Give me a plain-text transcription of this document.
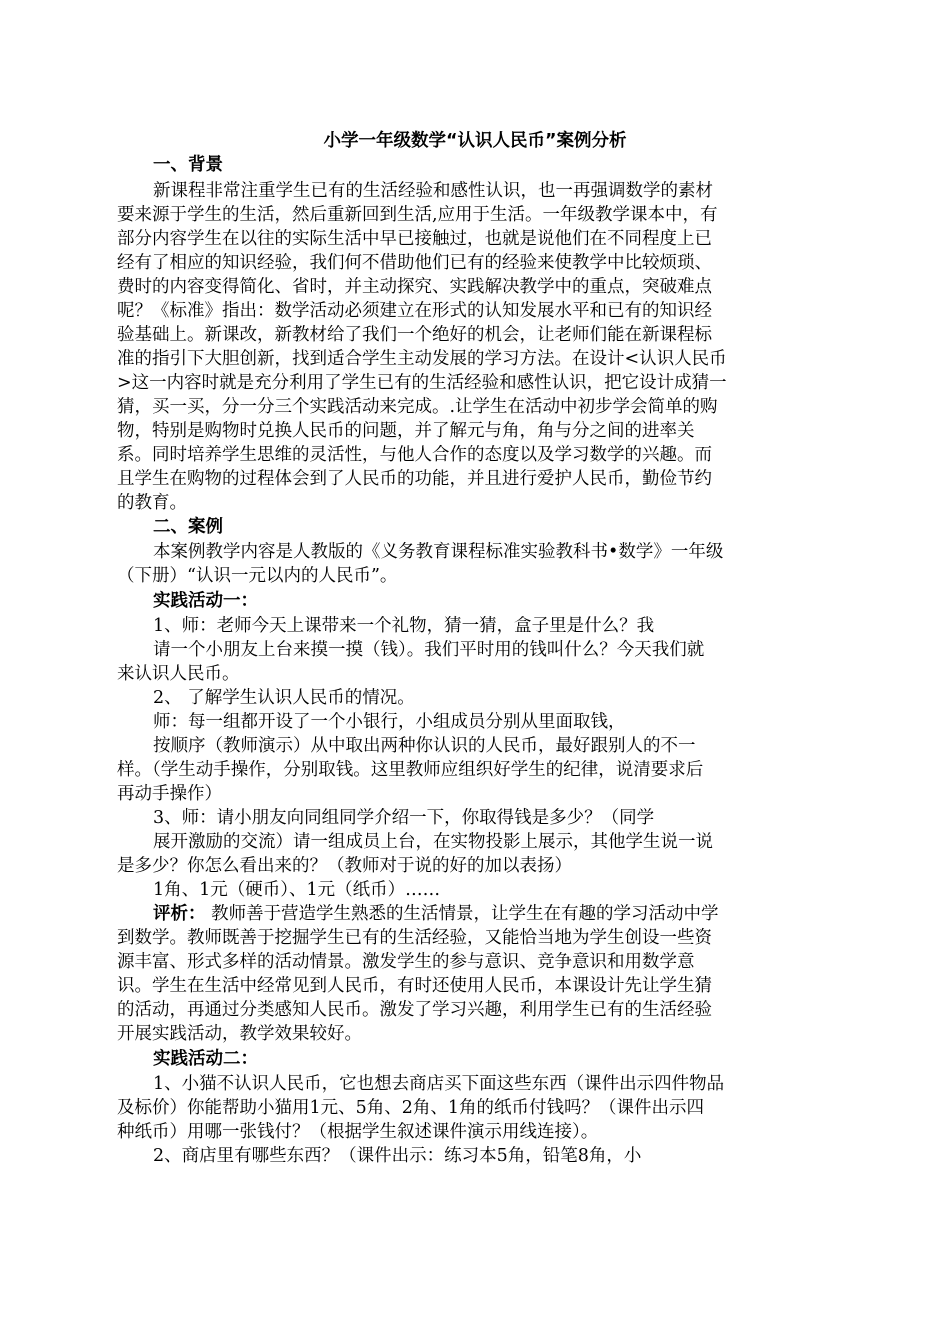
小学一年级数学“认识人民币”案例分析
一、背景
新课程非常注重学生已有的生活经验和感性认识，也一再强调数学的素材
要来源于学生的生活，然后重新回到生活,应用于生活。一年级教学课本中，有
部分内容学生在以往的实际生活中早已接触过，也就是说他们在不同程度上已
经有了相应的知识经验，我们何不借助他们已有的经验来使教学中比较烦琐、
费时的内容变得简化、省时，并主动探究、实践解决教学中的重点，突破难点
呢？《标准》指出：数学活动必须建立在形式的认知发展水平和已有的知识经
验基础上。新课改，新教材给了我们一个绝好的机会，让老师们能在新课程标
准的指引下大胆创新，找到适合学生主动发展的学习方法。在设计<认识人民币
>这一内容时就是充分利用了学生已有的生活经验和感性认识，把它设计成猜一
猜，买一买，分一分三个实践活动来完成。.让学生在活动中初步学会简单的购
物，特别是购物时兑换人民币的问题，并了解元与角，角与分之间的进率关
系。同时培养学生思维的灵活性，与他人合作的态度以及学习数学的兴趣。而
且学生在购物的过程体会到了人民币的功能，并且进行爱护人民币，勤俭节约
的教育。
二、案例
本案例教学内容是人教版的《义务教育课程标准实验教科书•数学》一年级
（下册）“认识一元以内的人民币”。
实践活动一：
1、师：老师今天上课带来一个礼物，猜一猜，盒子里是什么？我
请一个小朋友上台来摸一摸（钱）。我们平时用的钱叫什么？今天我们就
来认识人民币。
2、 了解学生认识人民币的情况。
师：每一组都开设了一个小银行，小组成员分别从里面取钱，
按顺序（教师演示）从中取出两种你认识的人民币，最好跟别人的不一
样。（学生动手操作，分别取钱。这里教师应组织好学生的纪律，说清要求后
再动手操作）
3、师：请小朋友向同组同学介绍一下，你取得钱是多少？（同学
展开激励的交流）请一组成员上台，在实物投影上展示，其他学生说一说
是多少？你怎么看出来的？（教师对于说的好的加以表扬）
1角、1元（硬币）、1元（纸币）……
评析： 教师善于营造学生熟悉的生活情景，让学生在有趣的学习活动中学
到数学。教师既善于挖掘学生已有的生活经验，又能恰当地为学生创设一些资
源丰富、形式多样的活动情景。激发学生的参与意识、竞争意识和用数学意
识。学生在生活中经常见到人民币，有时还使用人民币，本课设计先让学生猜
的活动，再通过分类感知人民币。激发了学习兴趣，利用学生已有的生活经验
开展实践活动，教学效果较好。
实践活动二：
1、小猫不认识人民币，它也想去商店买下面这些东西（课件出示四件物品
及标价）你能帮助小猫用1元、5角、2角、1角的纸币付钱吗？（课件出示四
种纸币）用哪一张钱付？（根据学生叙述课件演示用线连接）。
2、商店里有哪些东西？（课件出示：练习本5角，铅笔8角，小
